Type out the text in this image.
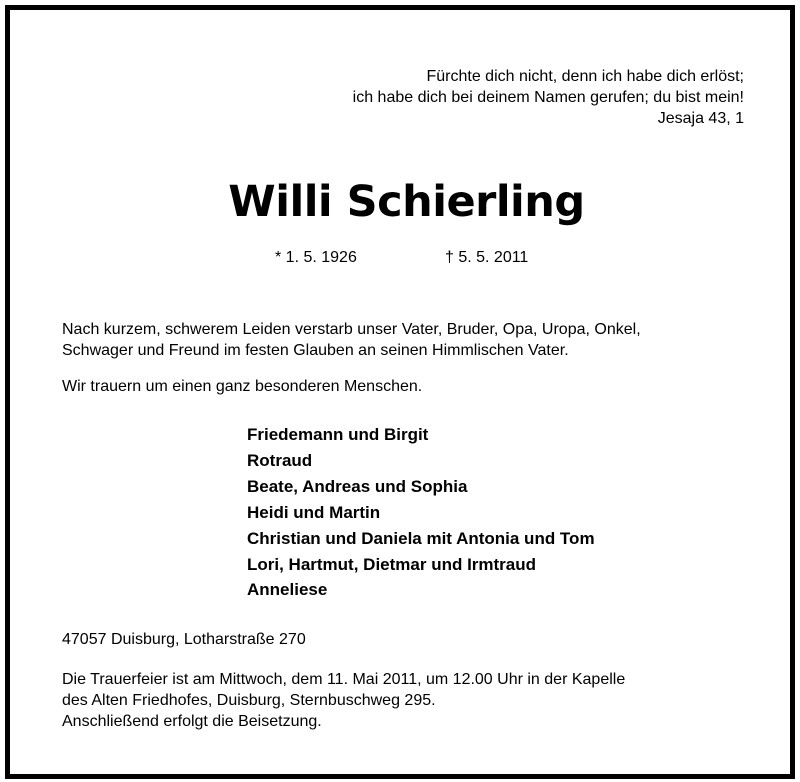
Fürchte dich nicht, denn ich habe dich erlöst;
ich habe dich bei deinem Namen gerufen; du bist mein!
Jesaja 43, 1
Willi Schierling
* 1. 5. 1926	† 5. 5. 2011
Nach kurzem, schwerem Leiden verstarb unser Vater, Bruder, Opa, Uropa, Onkel,
Schwager und Freund im festen Glauben an seinen Himmlischen Vater.
Wir trauern um einen ganz besonderen Menschen.
Friedemann und Birgit
Rotraud
Beate, Andreas und Sophia
Heidi und Martin
Christian und Daniela mit Antonia und Tom
Lori, Hartmut, Dietmar und Irmtraud
Anneliese
47057 Duisburg, Lotharstraße 270
Die Trauerfeier ist am Mittwoch, dem 11. Mai 2011, um 12.00 Uhr in der Kapelle
des Alten Friedhofes, Duisburg, Sternbuschweg 295.
Anschließend erfolgt die Beisetzung.
